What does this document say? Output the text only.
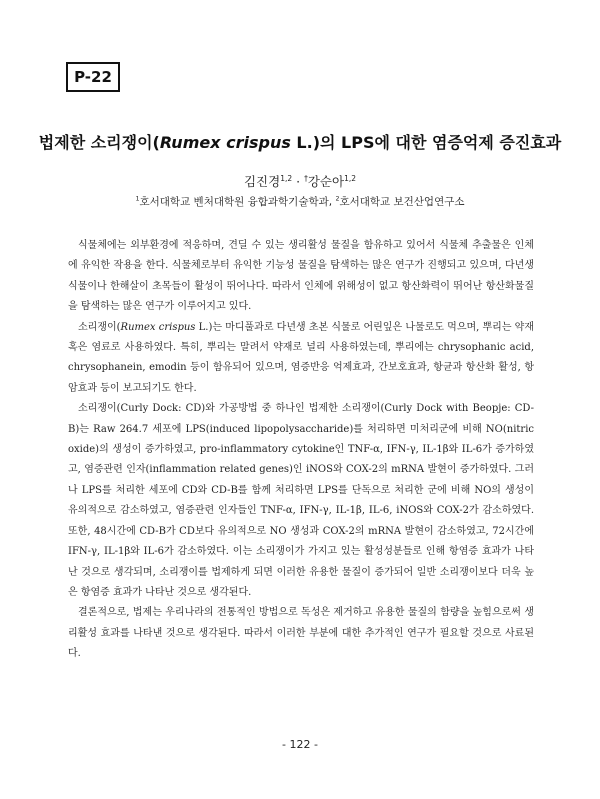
P-22
법제한 소리쟁이(Rumex crispus L.)의 LPS에 대한 염증억제 증진효과
김진경$^{1,2}$ · †강순아$^{1,2}$
$^1$호서대학교 벤처대학원 융합과학기술학과, $^2$호서대학교 보건산업연구소

식물체에는 외부환경에 적응하며, 견딜 수 있는 생리활성 물질을 함유하고 있어서 식물체 추출물은 인체에 유익한 작용을 한다. 식물체로부터 유익한 기능성 물질을 탐색하는 많은 연구가 진행되고 있으며, 다년생 식물이나 한해살이 초목들이 활성이 뛰어나다. 따라서 인체에 위해성이 없고 항산화력이 뛰어난 항산화물질을 탐색하는 많은 연구가 이루어지고 있다.

소리쟁이(Rumex crispus L.)는 마디풀과로 다년생 초본 식물로 어린잎은 나물로도 먹으며, 뿌리는 약재 혹은 염료로 사용하였다. 특히, 뿌리는 말려서 약재로 널리 사용하였는데, 뿌리에는 chrysophanic acid, chrysophanein, emodin 등이 함유되어 있으며, 염증반응 억제효과, 간보호효과, 항균과 항산화 활성, 항암효과 등이 보고되기도 한다.

소리쟁이(Curly Dock: CD)와 가공방법 중 하나인 법제한 소리쟁이(Curly Dock with Beopje: CD-B)는 Raw 264.7 세포에 LPS(induced lipopolysaccharide)를 처리하면 미처리군에 비해 NO(nitric oxide)의 생성이 증가하였고, pro-inflammatory cytokine인 TNF-α, IFN-γ, IL-1β와 IL-6가 증가하였고, 염증관련 인자(inflammation related genes)인 iNOS와 COX-2의 mRNA 발현이 증가하였다. 그러나 LPS를 처리한 세포에 CD와 CD-B를 함께 처리하면 LPS를 단독으로 처리한 군에 비해 NO의 생성이 유의적으로 감소하였고, 염증관련 인자들인 TNF-α, IFN-γ, IL-1β, IL-6, iNOS와 COX-2가 감소하였다. 또한, 48시간에 CD-B가 CD보다 유의적으로 NO 생성과 COX-2의 mRNA 발현이 감소하였고, 72시간에 IFN-γ, IL-1β와 IL-6가 감소하였다. 이는 소리쟁이가 가지고 있는 활성성분들로 인해 항염증 효과가 나타난 것으로 생각되며, 소리쟁이를 법제하게 되면 이러한 유용한 물질이 증가되어 일반 소리쟁이보다 더욱 높은 항염증 효과가 나타난 것으로 생각된다.

결론적으로, 법제는 우리나라의 전통적인 방법으로 독성은 제거하고 유용한 물질의 함량을 높힘으로써 생리활성 효과를 나타낸 것으로 생각된다. 따라서 이러한 부분에 대한 추가적인 연구가 필요할 것으로 사료된다.

- 122 -
